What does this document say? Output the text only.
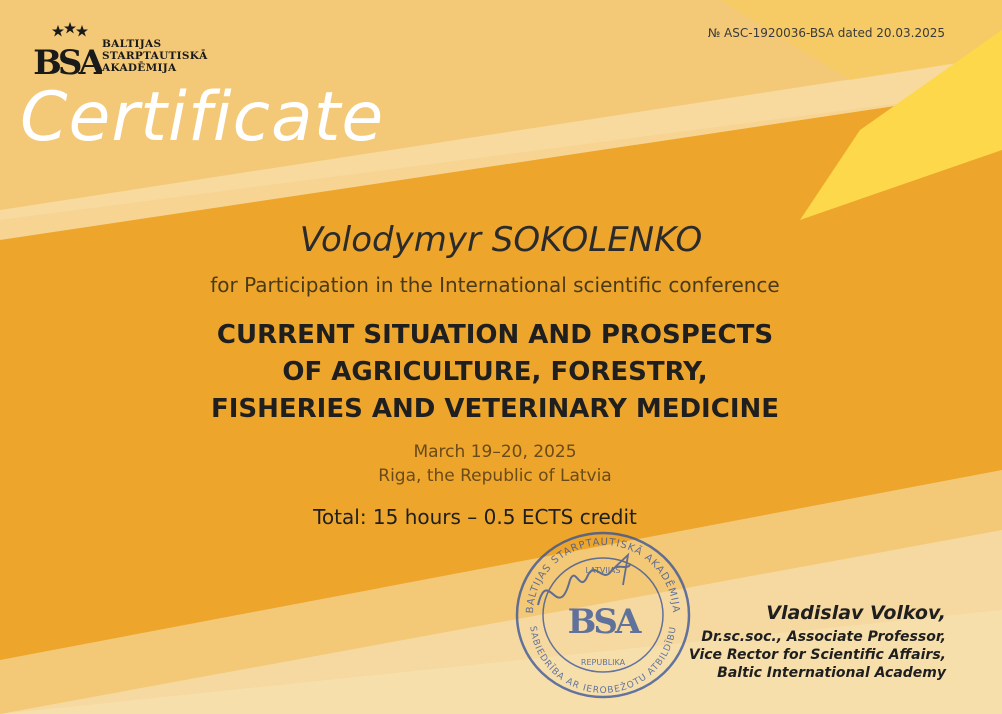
BSA BALTIJAS
STARPTAUTISKĀ
AKADĒMIJA
№ ASC-1920036-BSA dated 20.03.2025
Certificate
Volodymyr SOKOLENKO
for Participation in the International scientific conference
CURRENT SITUATION AND PROSPECTS
OF AGRICULTURE, FORESTRY,
FISHERIES AND VETERINARY MEDICINE
March 19–20, 2025
Riga, the Republic of Latvia
Total: 15 hours – 0.5 ECTS credit
BALTIJAS STARPTAUTISKĀ AKADĒMIJA
SABIEDRĪBA AR IEROBEŽOTU ATBILDĪBU
LATVIJAS
REPUBLIKA
BSA	Vladislav Volkov,
Dr.sc.soc., Associate Professor,
Vice Rector for Scientific Affairs,
Baltic International Academy
